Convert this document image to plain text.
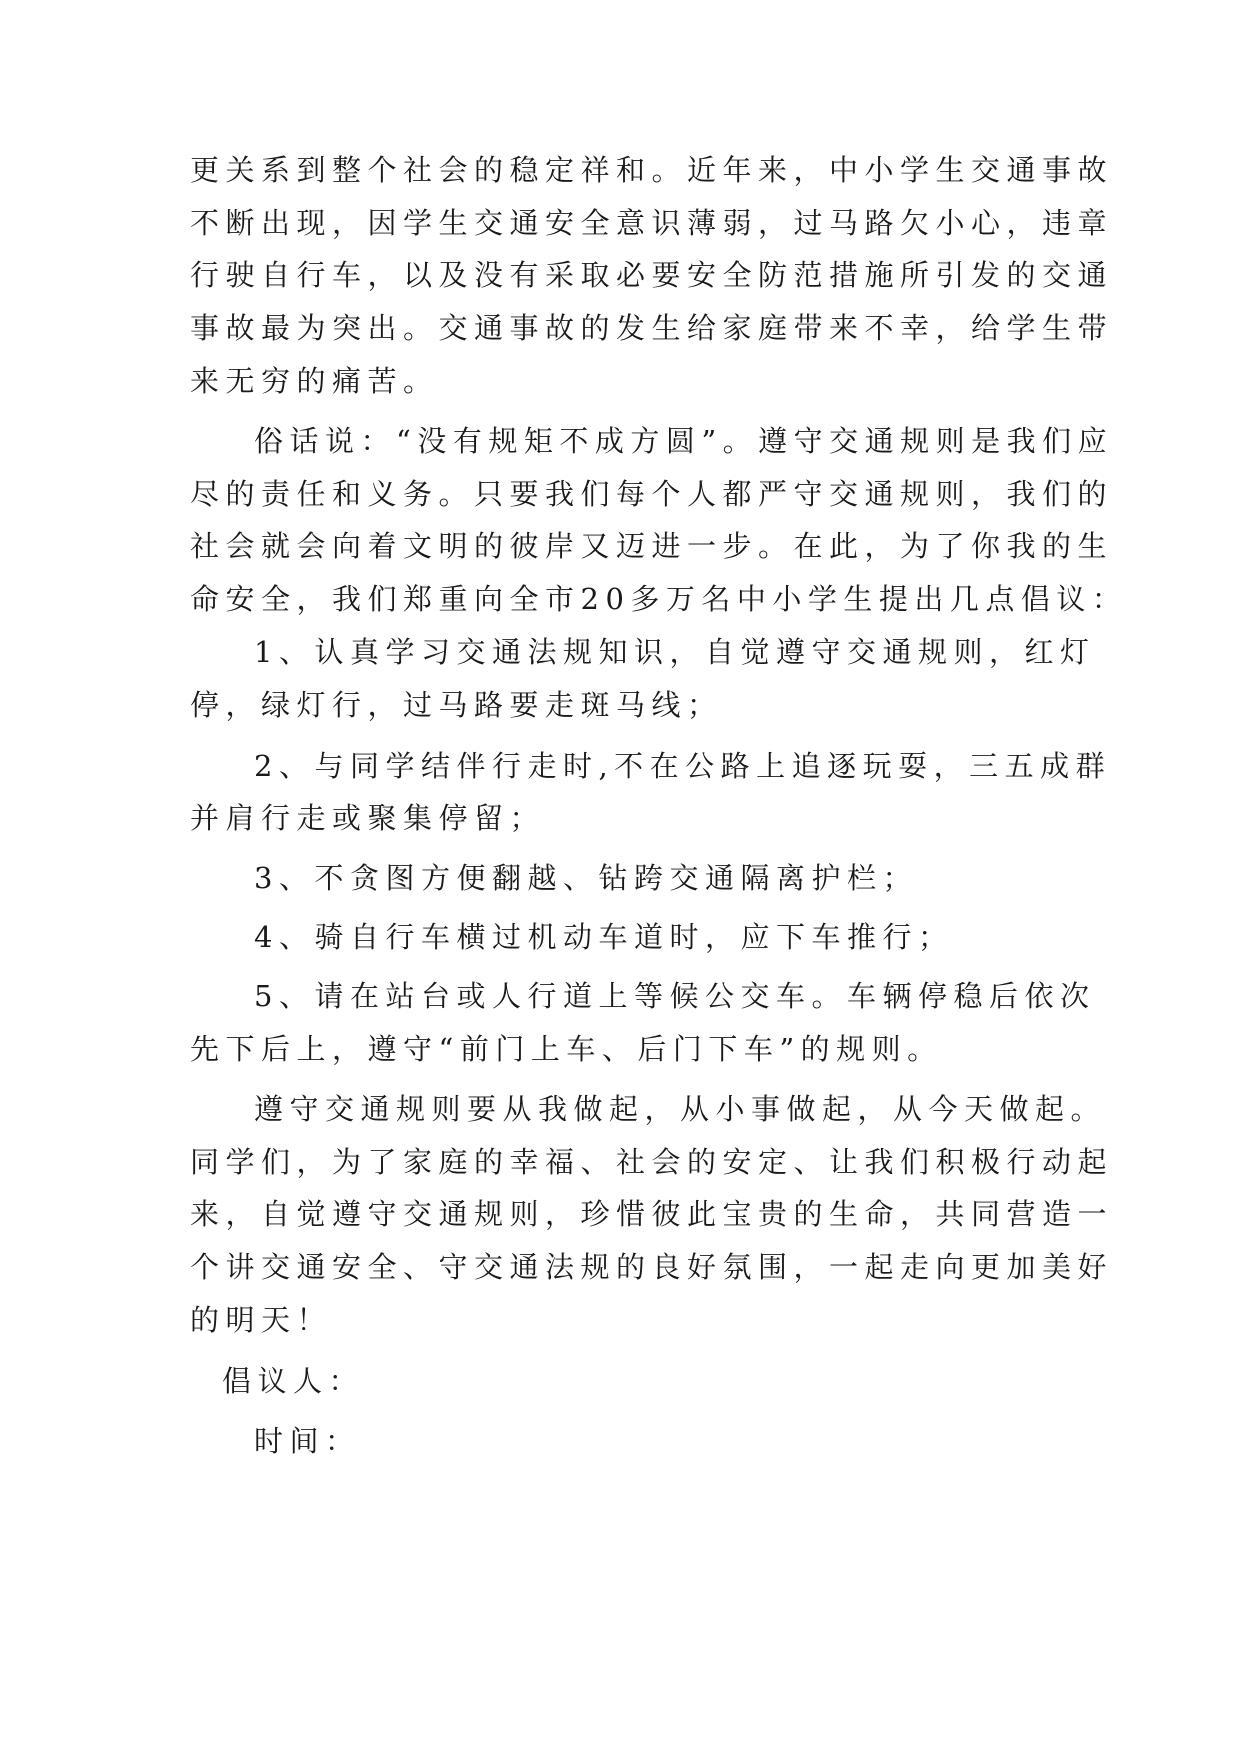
更关系到整个社会的稳定祥和。近年来，中小学生交通事故

不断出现，因学生交通安全意识薄弱，过马路欠小心，违章

行驶自行车，以及没有采取必要安全防范措施所引发的交通

事故最为突出。交通事故的发生给家庭带来不幸，给学生带

来无穷的痛苦。

俗话说：“没有规矩不成方圆”。遵守交通规则是我们应

尽的责任和义务。只要我们每个人都严守交通规则，我们的

社会就会向着文明的彼岸又迈进一步。在此，为了你我的生

命安全，我们郑重向全市20多万名中小学生提出几点倡议：

1、认真学习交通法规知识，自觉遵守交通规则，红灯

停，绿灯行，过马路要走斑马线；

2、与同学结伴行走时,不在公路上追逐玩耍，三五成群

并肩行走或聚集停留；

3、不贪图方便翻越、钻跨交通隔离护栏；

4、骑自行车横过机动车道时，应下车推行；

5、请在站台或人行道上等候公交车。车辆停稳后依次

先下后上，遵守“前门上车、后门下车”的规则。

遵守交通规则要从我做起，从小事做起，从今天做起。

同学们，为了家庭的幸福、社会的安定、让我们积极行动起

来，自觉遵守交通规则，珍惜彼此宝贵的生命，共同营造一

个讲交通安全、守交通法规的良好氛围，一起走向更加美好

的明天！

倡议人：

时间：
